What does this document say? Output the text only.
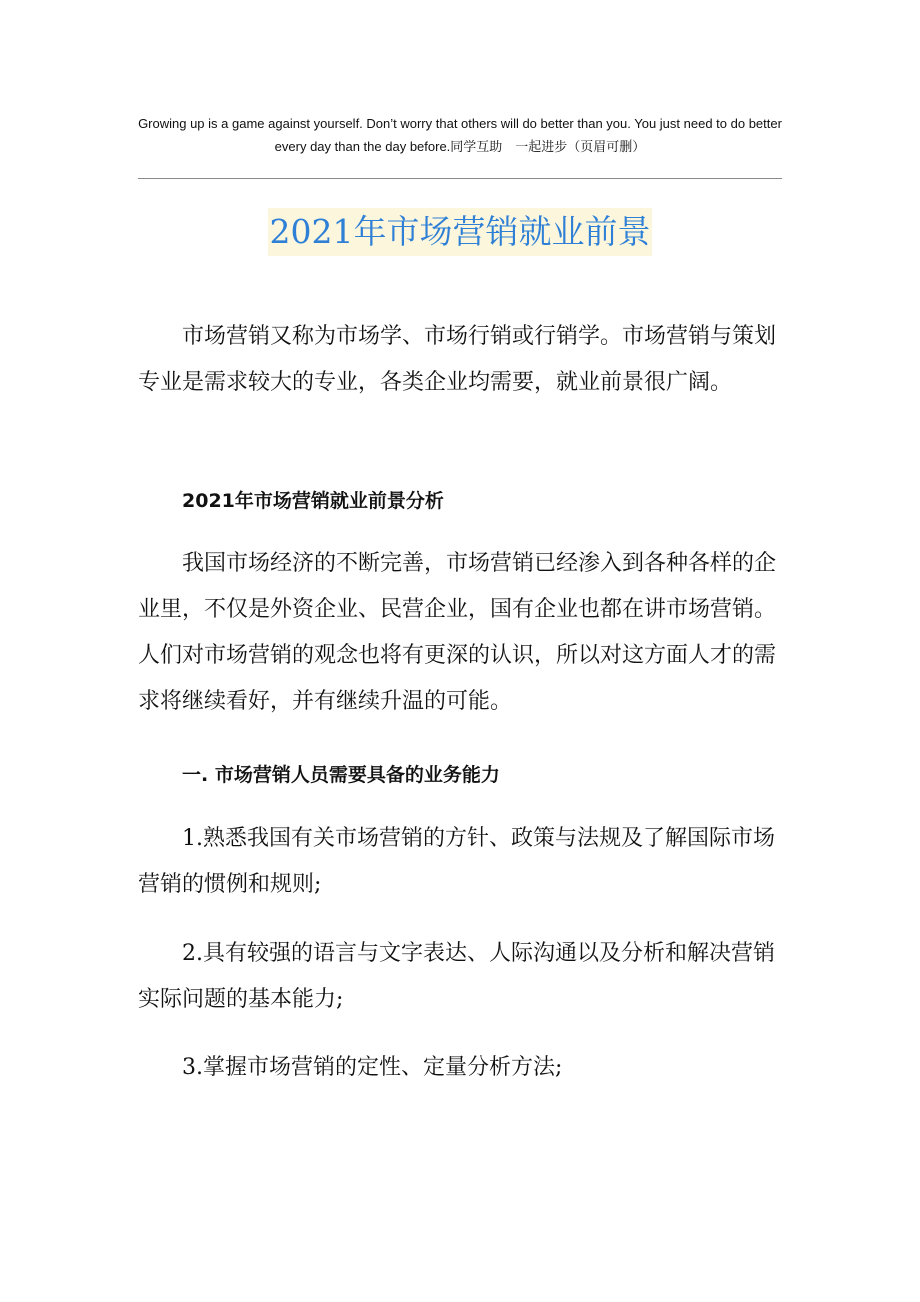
Growing up is a game against yourself. Don’t worry that others will do better than you. You just need to do better every day than the day before.同学互助　一起进步（页眉可删）
2021年市场营销就业前景
市场营销又称为市场学、市场行销或行销学。市场营销与策划专业是需求较大的专业，各类企业均需要，就业前景很广阔。
2021年市场营销就业前景分析
我国市场经济的不断完善，市场营销已经渗入到各种各样的企业里，不仅是外资企业、民营企业，国有企业也都在讲市场营销。人们对市场营销的观念也将有更深的认识，所以对这方面人才的需求将继续看好，并有继续升温的可能。
一. 市场营销人员需要具备的业务能力
1.熟悉我国有关市场营销的方针、政策与法规及了解国际市场营销的惯例和规则;
2.具有较强的语言与文字表达、人际沟通以及分析和解决营销实际问题的基本能力;
3.掌握市场营销的定性、定量分析方法;
